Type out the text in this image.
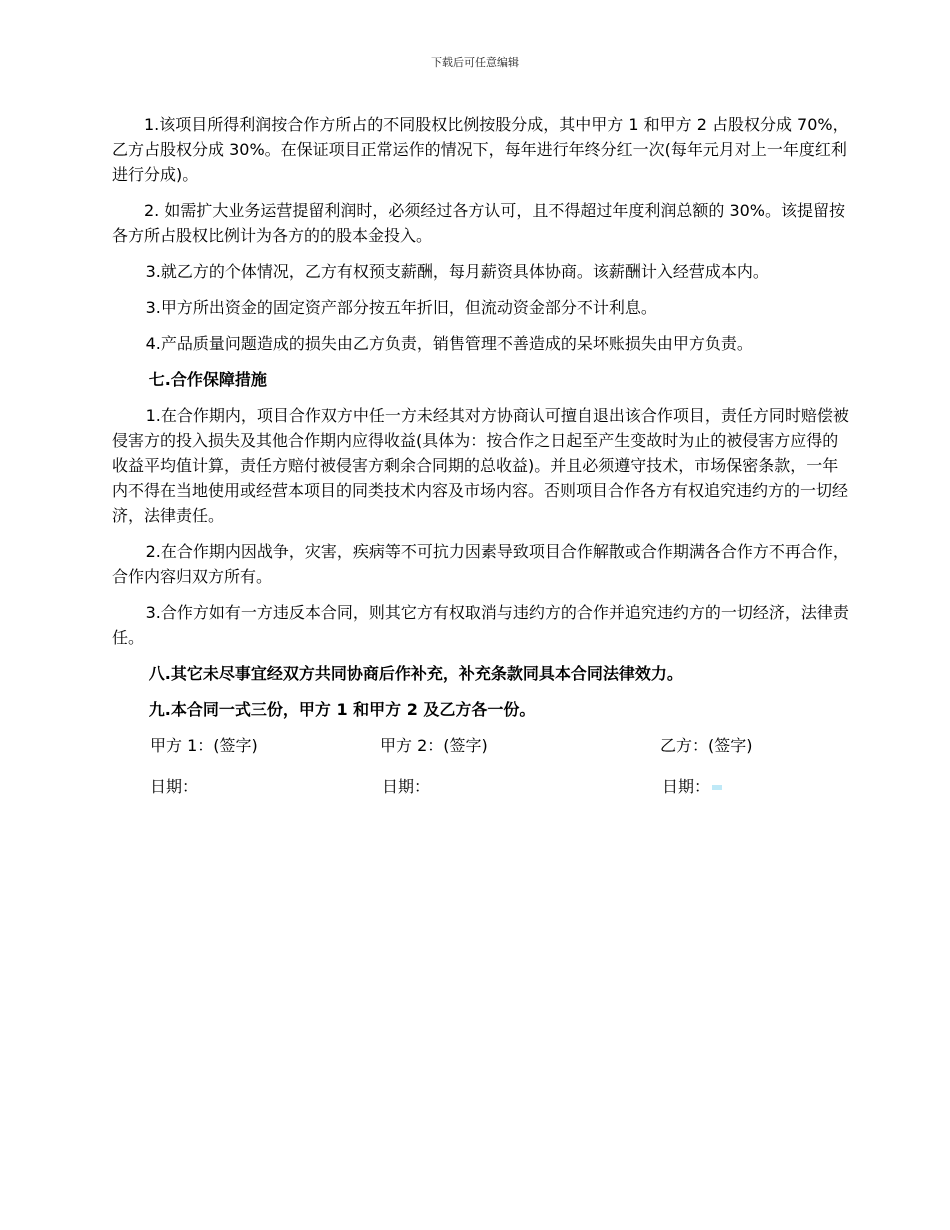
下载后可任意编辑

1.该项目所得利润按合作方所占的不同股权比例按股分成，其中甲方 1 和甲方 2 占股权分成 70%，乙方占股权分成 30%。在保证项目正常运作的情况下，每年进行年终分红一次(每年元月对上一年度红利进行分成)。

2. 如需扩大业务运营提留利润时，必须经过各方认可，且不得超过年度利润总额的 30%。该提留按各方所占股权比例计为各方的的股本金投入。

3.就乙方的个体情况，乙方有权预支薪酬，每月薪资具体协商。该薪酬计入经营成本内。

3.甲方所出资金的固定资产部分按五年折旧，但流动资金部分不计利息。

4.产品质量问题造成的损失由乙方负责，销售管理不善造成的呆坏账损失由甲方负责。

七.合作保障措施

1.在合作期内，项目合作双方中任一方未经其对方协商认可擅自退出该合作项目，责任方同时赔偿被侵害方的投入损失及其他合作期内应得收益(具体为：按合作之日起至产生变故时为止的被侵害方应得的收益平均值计算，责任方赔付被侵害方剩余合同期的总收益)。并且必须遵守技术，市场保密条款，一年内不得在当地使用或经营本项目的同类技术内容及市场内容。否则项目合作各方有权追究违约方的一切经济，法律责任。

2.在合作期内因战争，灾害，疾病等不可抗力因素导致项目合作解散或合作期满各合作方不再合作，合作内容归双方所有。

3.合作方如有一方违反本合同，则其它方有权取消与违约方的合作并追究违约方的一切经济，法律责任。

八.其它未尽事宜经双方共同协商后作补充，补充条款同具本合同法律效力。

九.本合同一式三份，甲方 1 和甲方 2 及乙方各一份。

甲方 1：(签字)	甲方 2：(签字)	乙方：(签字)
日期：	日期：	日期：
